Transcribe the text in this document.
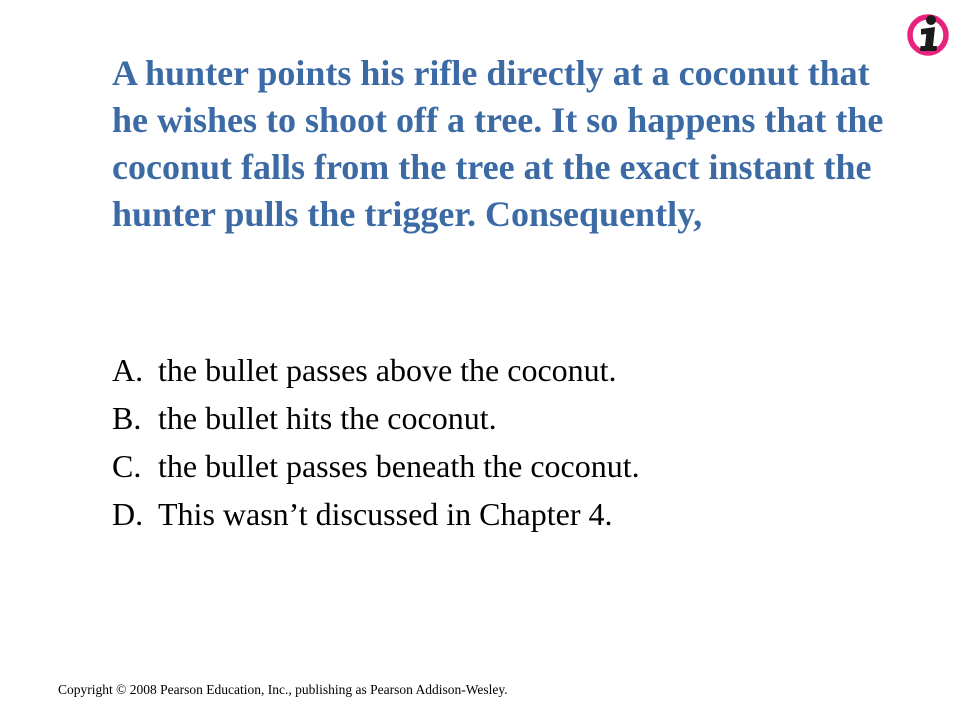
A hunter points his rifle directly at a coconut that he wishes to shoot off a tree. It so happens that the coconut falls from the tree at the exact instant the hunter pulls the trigger. Consequently,

A. the bullet passes above the coconut.
B. the bullet hits the coconut.
C. the bullet passes beneath the coconut.
D. This wasn’t discussed in Chapter 4.
Copyright © 2008 Pearson Education, Inc., publishing as Pearson Addison-Wesley.
